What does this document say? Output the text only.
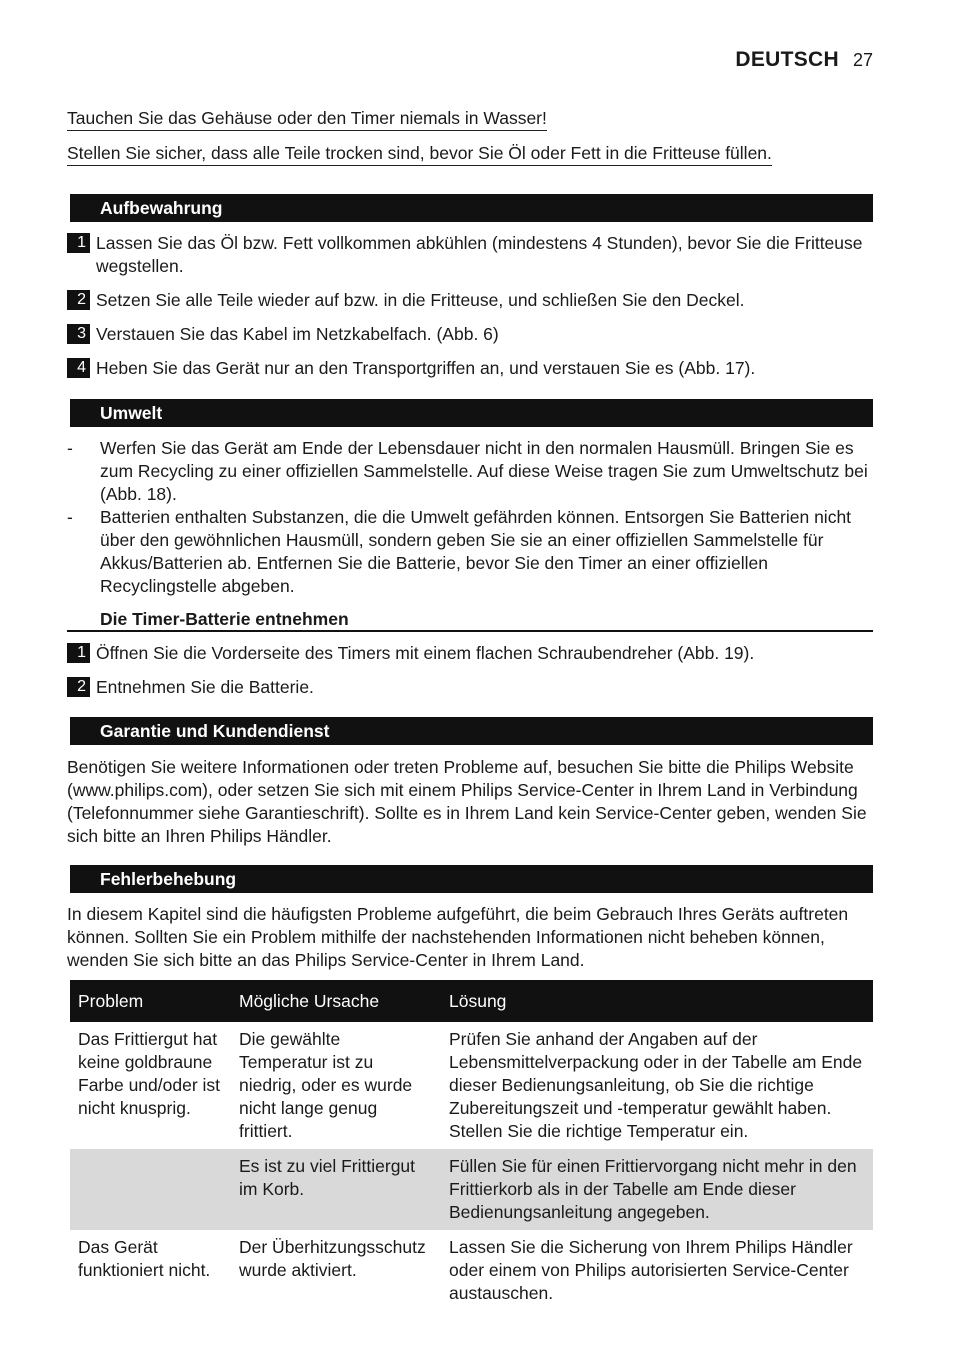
DEUTSCH 27
Tauchen Sie das Gehäuse oder den Timer niemals in Wasser!
Stellen Sie sicher, dass alle Teile trocken sind, bevor Sie Öl oder Fett in die Fritteuse füllen.
Aufbewahrung
1 Lassen Sie das Öl bzw. Fett vollkommen abkühlen (mindestens 4 Stunden), bevor Sie die Fritteuse wegstellen.
2 Setzen Sie alle Teile wieder auf bzw. in die Fritteuse, und schließen Sie den Deckel.
3 Verstauen Sie das Kabel im Netzkabelfach. (Abb. 6)
4 Heben Sie das Gerät nur an den Transportgriffen an, und verstauen Sie es (Abb. 17).
Umwelt
-	Werfen Sie das Gerät am Ende der Lebensdauer nicht in den normalen Hausmüll. Bringen Sie es zum Recycling zu einer offiziellen Sammelstelle. Auf diese Weise tragen Sie zum Umweltschutz bei (Abb. 18).
-	Batterien enthalten Substanzen, die die Umwelt gefährden können. Entsorgen Sie Batterien nicht über den gewöhnlichen Hausmüll, sondern geben Sie sie an einer offiziellen Sammelstelle für Akkus/Batterien ab. Entfernen Sie die Batterie, bevor Sie den Timer an einer offiziellen Recyclingstelle abgeben.
Die Timer-Batterie entnehmen
1 Öffnen Sie die Vorderseite des Timers mit einem flachen Schraubendreher (Abb. 19).
2 Entnehmen Sie die Batterie.
Garantie und Kundendienst
Benötigen Sie weitere Informationen oder treten Probleme auf, besuchen Sie bitte die Philips Website (www.philips.com), oder setzen Sie sich mit einem Philips Service-Center in Ihrem Land in Verbindung (Telefonnummer siehe Garantieschrift). Sollte es in Ihrem Land kein Service-Center geben, wenden Sie sich bitte an Ihren Philips Händler.
Fehlerbehebung
In diesem Kapitel sind die häufigsten Probleme aufgeführt, die beim Gebrauch Ihres Geräts auftreten können. Sollten Sie ein Problem mithilfe der nachstehenden Informationen nicht beheben können, wenden Sie sich bitte an das Philips Service-Center in Ihrem Land.
Problem	Mögliche Ursache	Lösung
Das Frittiergut hat keine goldbraune Farbe und/oder ist nicht knusprig.	Die gewählte Temperatur ist zu niedrig, oder es wurde nicht lange genug frittiert.	Prüfen Sie anhand der Angaben auf der Lebensmittelverpackung oder in der Tabelle am Ende dieser Bedienungsanleitung, ob Sie die richtige Zubereitungszeit und -temperatur gewählt haben. Stellen Sie die richtige Temperatur ein.
	Es ist zu viel Frittiergut im Korb.	Füllen Sie für einen Frittiervorgang nicht mehr in den Frittierkorb als in der Tabelle am Ende dieser Bedienungsanleitung angegeben.
Das Gerät funktioniert nicht.	Der Überhitzungsschutz wurde aktiviert.	Lassen Sie die Sicherung von Ihrem Philips Händler oder einem von Philips autorisierten Service-Center austauschen.
